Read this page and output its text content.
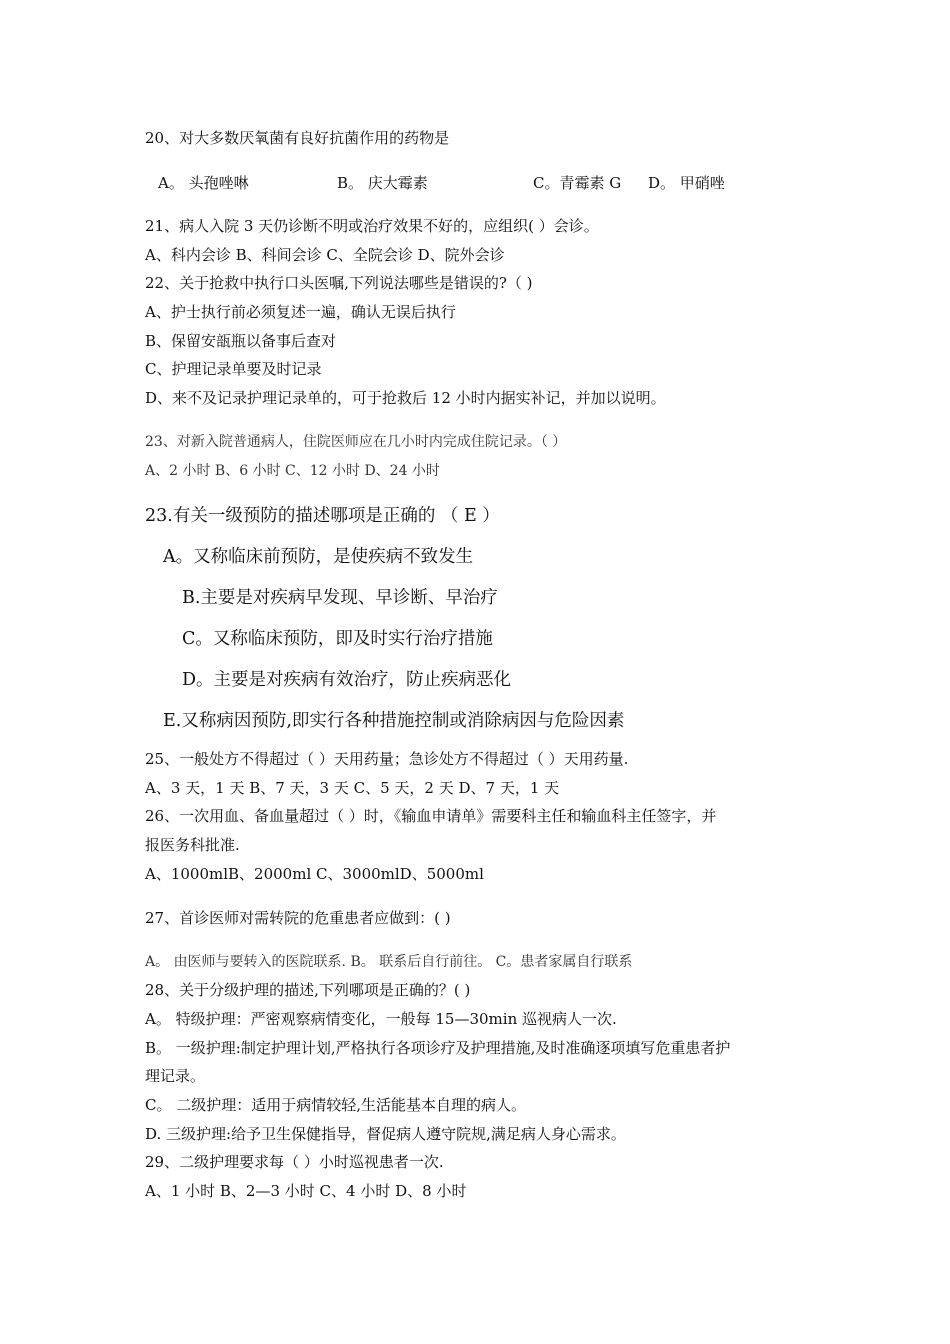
20、对大多数厌氧菌有良好抗菌作用的药物是
A。 头孢唑啉	B。 庆大霉素	C。青霉素 G D。 甲硝唑
21、病人入院 3 天仍诊断不明或治疗效果不好的，应组织( ）会诊。
A、科内会诊 B、科间会诊 C、全院会诊 D、院外会诊
22、关于抢救中执行口头医嘱,下列说法哪些是错误的?（ )
A、护士执行前必须复述一遍，确认无误后执行
B、保留安瓿瓶以备事后查对
C、护理记录单要及时记录
D、来不及记录护理记录单的，可于抢救后 12 小时内据实补记，并加以说明。
23、对新入院普通病人，住院医师应在几小时内完成住院记录。（ ）
A、2 小时 B、6 小时 C、12 小时 D、24 小时
23.有关一级预防的描述哪项是正确的 （ E ）
A。又称临床前预防，是使疾病不致发生
B.主要是对疾病早发现、早诊断、早治疗
C。又称临床预防，即及时实行治疗措施
D。主要是对疾病有效治疗，防止疾病恶化
E.又称病因预防,即实行各种措施控制或消除病因与危险因素
25、一般处方不得超过（ ）天用药量；急诊处方不得超过（ ）天用药量.
A、3 天，1 天 B、7 天，3 天 C、5 天，2 天 D、7 天，1 天
26、一次用血、备血量超过（ ）时，《输血申请单》需要科主任和输血科主任签字，并
报医务科批准.
A、1000mlB、2000ml C、3000mlD、5000ml
27、首诊医师对需转院的危重患者应做到：( )
A。 由医师与要转入的医院联系. B。 联系后自行前往。 C。患者家属自行联系
28、关于分级护理的描述,下列哪项是正确的？( )
A。 特级护理：严密观察病情变化，一般每 15—30min 巡视病人一次.
B。 一级护理:制定护理计划,严格执行各项诊疗及护理措施,及时准确逐项填写危重患者护
理记录。
C。 二级护理：适用于病情较轻,生活能基本自理的病人。
D. 三级护理:给予卫生保健指导，督促病人遵守院规,满足病人身心需求。
29、二级护理要求每（ ）小时巡视患者一次.
A、1 小时 B、2—3 小时 C、4 小时 D、8 小时
